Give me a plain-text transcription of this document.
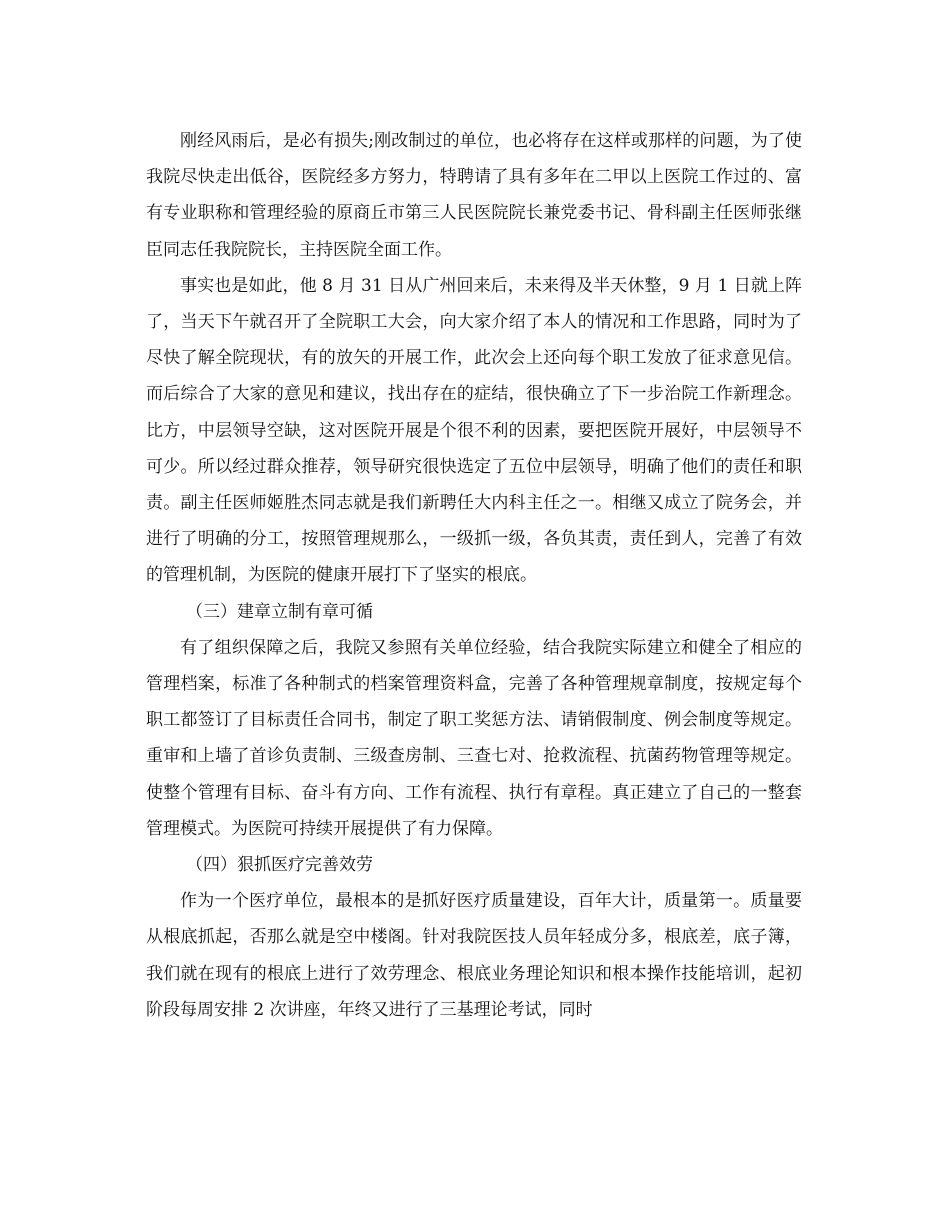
刚经风雨后，是必有损失;刚改制过的单位，也必将存在这样或那样的问题，为了使我院尽快走出低谷，医院经多方努力，特聘请了具有多年在二甲以上医院工作过的、富有专业职称和管理经验的原商丘市第三人民医院院长兼党委书记、骨科副主任医师张继臣同志任我院院长，主持医院全面工作。

事实也是如此，他 8 月 31 日从广州回来后，未来得及半天休整，9 月 1 日就上阵了，当天下午就召开了全院职工大会，向大家介绍了本人的情况和工作思路，同时为了尽快了解全院现状，有的放矢的开展工作，此次会上还向每个职工发放了征求意见信。而后综合了大家的意见和建议，找出存在的症结，很快确立了下一步治院工作新理念。比方，中层领导空缺，这对医院开展是个很不利的因素，要把医院开展好，中层领导不可少。所以经过群众推荐，领导研究很快选定了五位中层领导，明确了他们的责任和职责。副主任医师姬胜杰同志就是我们新聘任大内科主任之一。相继又成立了院务会，并进行了明确的分工，按照管理规那么，一级抓一级，各负其责，责任到人，完善了有效的管理机制，为医院的健康开展打下了坚实的根底。

（三）建章立制有章可循

有了组织保障之后，我院又参照有关单位经验，结合我院实际建立和健全了相应的管理档案，标准了各种制式的档案管理资料盒，完善了各种管理规章制度，按规定每个职工都签订了目标责任合同书，制定了职工奖惩方法、请销假制度、例会制度等规定。重审和上墙了首诊负责制、三级查房制、三查七对、抢救流程、抗菌药物管理等规定。使整个管理有目标、奋斗有方向、工作有流程、执行有章程。真正建立了自己的一整套管理模式。为医院可持续开展提供了有力保障。

（四）狠抓医疗完善效劳

作为一个医疗单位，最根本的是抓好医疗质量建设，百年大计，质量第一。质量要从根底抓起，否那么就是空中楼阁。针对我院医技人员年轻成分多，根底差，底子簿，我们就在现有的根底上进行了效劳理念、根底业务理论知识和根本操作技能培训，起初阶段每周安排 2 次讲座，年终又进行了三基理论考试，同时
